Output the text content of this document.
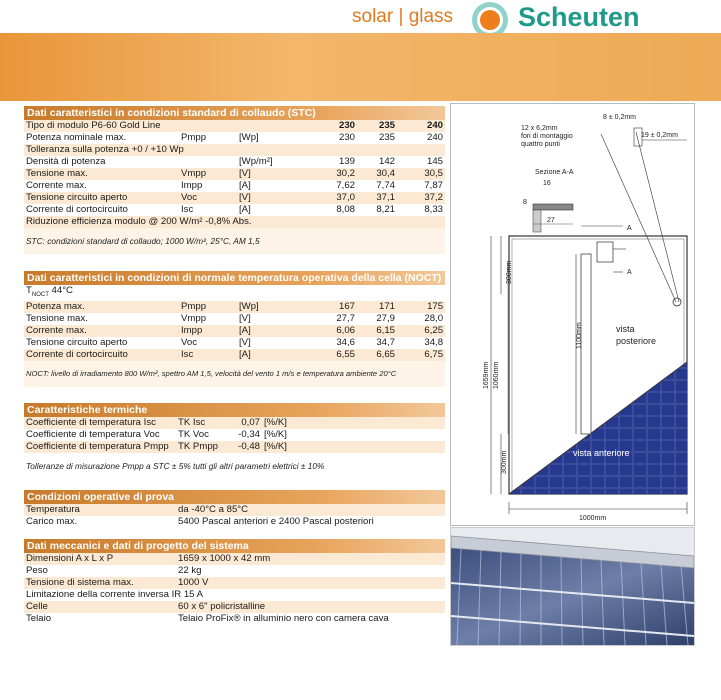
solar | glass Scheuten
Dati caratteristici in condizioni standard di collaudo (STC)
Tipo di modulo P6-60 Gold Line			230	235	240
Potenza nominale max.	Pmpp	[Wp]	230	235	240
Tolleranza sulla potenza +0 / +10 Wp					
Densità di potenza		[Wp/m²]	139	142	145
Tensione max.	Vmpp	[V]	30,2	30,4	30,5
Corrente max.	Impp	[A]	7,62	7,74	7,87
Tensione circuito aperto	Voc	[V]	37,0	37,1	37,2
Corrente di cortocircuito	Isc	[A]	8,08	8,21	8,33
Riduzione efficienza modulo @ 200 W/m² -0,8% Abs.					
STC: condizioni standard di collaudo; 1000 W/m², 25°C, AM 1,5
Dati caratteristici in condizioni di normale temperatura operativa della cella (NOCT)
$T_{NOCT}$ 44°C					
Potenza max.	Pmpp	[Wp]	167	171	175
Tensione max.	Vmpp	[V]	27,7	27,9	28,0
Corrente max.	Impp	[A]	6,06	6,15	6,25
Tensione circuito aperto	Voc	[V]	34,6	34,7	34,8
Corrente di cortocircuito	Isc	[A]	6,55	6,65	6,75
NOCT: livello di irradiamento 800 W/m², spettro AM 1,5, velocità del vento 1 m/s e temperatura ambiente 20°C
Caratteristiche termiche
Coefficiente di temperatura Isc	TK Isc	0,07	[%/K]
Coefficiente di temperatura Voc	TK Voc	-0,34	[%/K]
Coefficiente di temperatura Pmpp	TK Pmpp	-0,48	[%/K]
Tolleranze di misurazione Pmpp a STC ± 5% tutti gli altri parametri elettrici ± 10%
Condizioni operative di prova
Temperatura	da -40°C a 85°C
Carico max.	5400 Pascal anteriori e 2400 Pascal posteriori
Dati meccanici e dati di progetto del sistema
Dimensioni A x L x P	1659 x 1000 x 42 mm
Peso	22 kg
Tensione di sistema max.	1000 V
Limitazione della corrente inversa IR 15 A	
Celle	60 x 6" policristalline
Telaio	Telaio ProFix® in alluminio nero con camera cava
8 ± 0,2mm
12 x 6,2mm
fori di montaggio
quattro punti
19 ± 0,2mm
Sezione A-A
16
8
27
A
A
300mm
1100mm
1060mm
1659mm
300mm
1000mm
vista
posteriore
vista anteriore
